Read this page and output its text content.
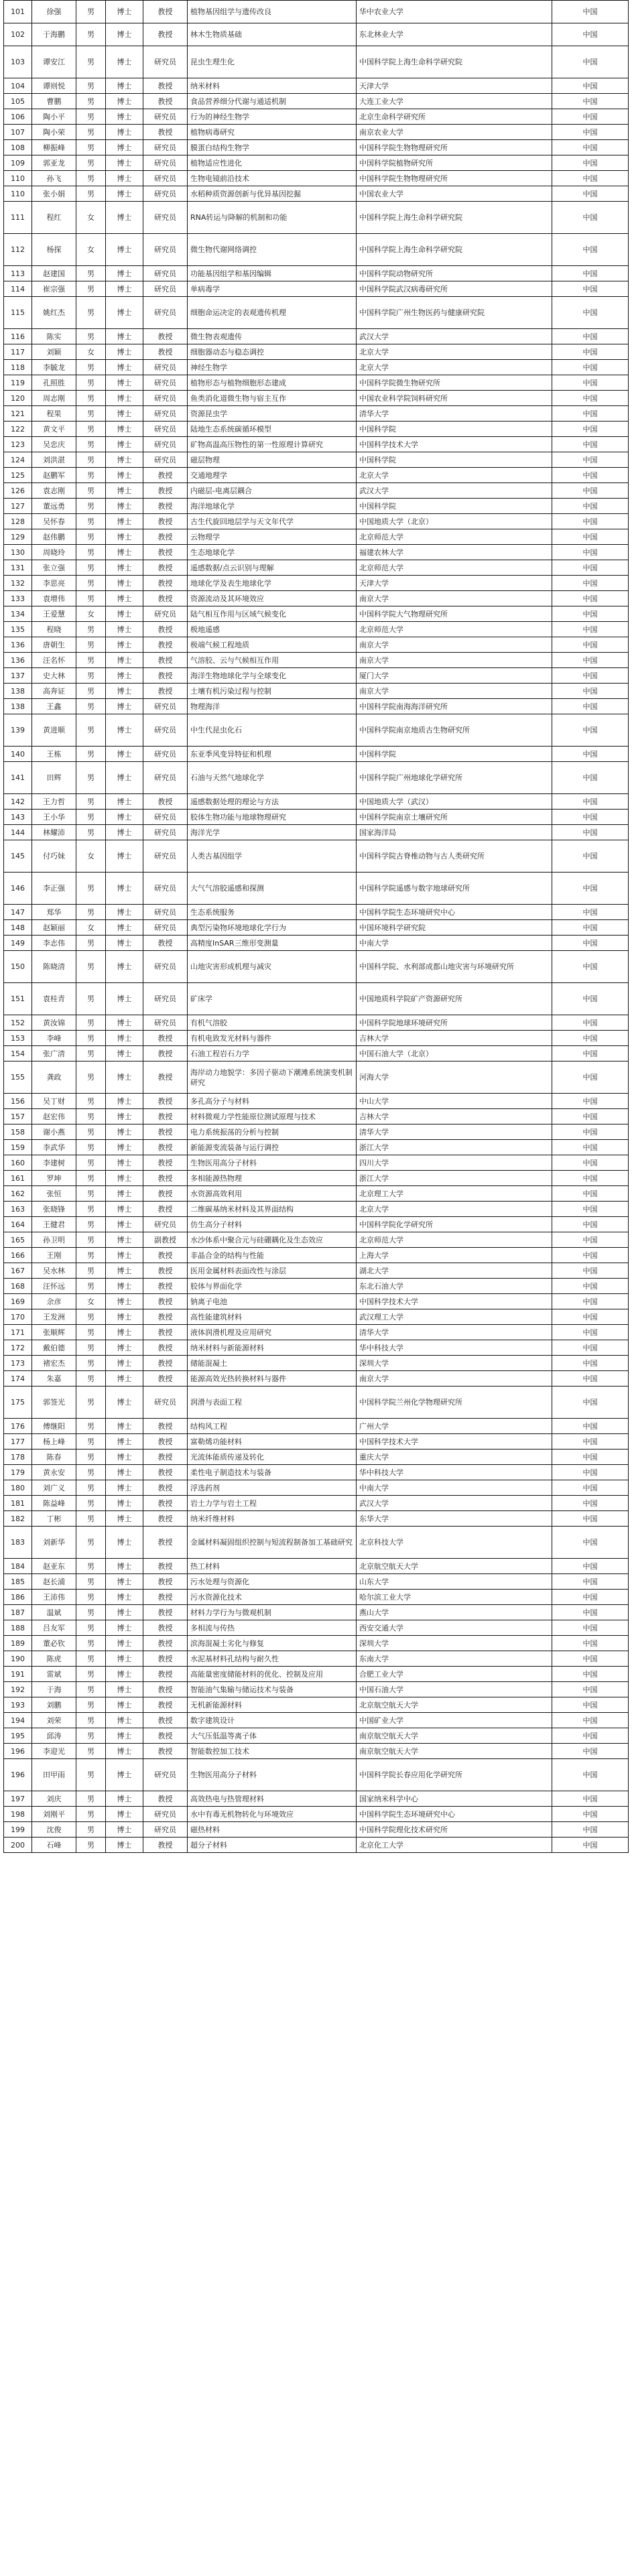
101	徐强	男	博士	教授	植物基因组学与遗传改良	华中农业大学	中国
102	于海鹏	男	博士	教授	林木生物质基础	东北林业大学	中国
103	谭安江	男	博士	研究员	昆虫生理生化	中国科学院上海生命科学研究院	中国
104	谭则悦	男	博士	教授	纳米材料	天津大学	中国
105	曹鹏	男	博士	教授	食品营养细分代谢与通适机制	大连工业大学	中国
106	陶小平	男	博士	研究员	行为的神经生物学	北京生命科学研究所	中国
107	陶小荣	男	博士	教授	植物病毒研究	南京农业大学	中国
108	柳振峰	男	博士	研究员	膜蛋白结构生物学	中国科学院生物物理研究所	中国
109	郭亚龙	男	博士	研究员	植物适应性进化	中国科学院植物研究所	中国
110	孙飞	男	博士	研究员	生物电镜前沿技术	中国科学院生物物理研究所	中国
110	张小娟	男	博士	研究员	水稻种质资源创新与优异基因挖掘	中国农业大学	中国
111	程红	女	博士	研究员	RNA转运与降解的机制和功能	中国科学院上海生命科学研究院	中国
112	杨探	女	博士	研究员	微生物代谢网络调控	中国科学院上海生命科学研究院	中国
113	赵建国	男	博士	研究员	功能基因组学和基因编辑	中国科学院动物研究所	中国
114	崔宗强	男	博士	研究员	单病毒学	中国科学院武汉病毒研究所	中国
115	姚红杰	男	博士	研究员	细胞命运决定的表观遗传机理	中国科学院广州生物医药与健康研究院	中国
116	陈实	男	博士	教授	微生物表观遗传	武汉大学	中国
117	刘颖	女	博士	教授	细胞器动态与稳态调控	北京大学	中国
118	李毓龙	男	博士	研究员	神经生物学	北京大学	中国
119	孔照胜	男	博士	研究员	植物形态与植物细胞形态建成	中国科学院微生物研究所	中国
120	周志刚	男	博士	研究员	鱼类消化道微生物与宿主互作	中国农业科学院饲料研究所	中国
121	程果	男	博士	研究员	资源昆虫学	清华大学	中国
122	黄文平	男	博士	研究员	陆地生态系统碳循环模型	中国科学院	中国
123	吴忠庆	男	博士	研究员	矿物高温高压物性的第一性原理计算研究	中国科学技术大学	中国
124	刘洪湛	男	博士	研究员	磁层物理	中国科学院	中国
125	赵鹏军	男	博士	教授	交通地理学	北京大学	中国
126	袁志刚	男	博士	教授	内磁层-电离层耦合	武汉大学	中国
127	董远勇	男	博士	教授	海洋地球化学	中国科学院	中国
128	吴怀春	男	博士	教授	古生代旋回地层学与天文年代学	中国地质大学（北京）	中国
129	赵伟鹏	男	博士	教授	云物理学	北京师范大学	中国
130	周晓玲	男	博士	教授	生态地球化学	福建农林大学	中国
131	张立强	男	博士	教授	遥感数据/点云识别与理解	北京师范大学	中国
132	李思亮	男	博士	教授	地球化学及表生地球化学	天津大学	中国
133	袁增伟	男	博士	教授	资源流动及其环境效应	南京大学	中国
134	王爱慧	女	博士	研究员	陆气相互作用与区域气候变化	中国科学院大气物理研究所	中国
135	程晓	男	博士	教授	极地遥感	北京师范大学	中国
136	唐朝生	男	博士	教授	极端气候工程地质	南京大学	中国
136	汪名怀	男	博士	教授	气溶胶、云与气候相互作用	南京大学	中国
137	史大林	男	博士	教授	海洋生物地球化学与全球变化	厦门大学	中国
138	高奔证	男	博士	教授	土壤有机污染过程与控制	南京大学	中国
138	王鑫	男	博士	研究员	物理海洋	中国科学院南海海洋研究所	中国
139	黄进顺	男	博士	研究员	中生代昆虫化石	中国科学院南京地质古生物研究所	中国
140	王栋	男	博士	研究员	东亚季风变异特征和机理	中国科学院	中国
141	田辉	男	博士	研究员	石油与天然气地球化学	中国科学院广州地球化学研究所	中国
142	王力哲	男	博士	教授	遥感数据处理的理论与方法	中国地质大学（武汉）	中国
143	王小华	男	博士	研究员	胶体生物功能与地球物理研究	中国科学院南京土壤研究所	中国
144	林耀沛	男	博士	研究员	海洋光学	国家海洋局	中国
145	付巧妹	女	博士	研究员	人类古基因组学	中国科学院古脊椎动物与古人类研究所	中国
146	李正强	男	博士	研究员	大气气溶胶遥感和探测	中国科学院遥感与数字地球研究所	中国
147	郑华	男	博士	研究员	生态系统服务	中国科学院生态环境研究中心	中国
148	赵颖丽	女	博士	研究员	典型污染物环境地球化学行为	中国环境科学研究院	中国
149	李志伟	男	博士	教授	高精度InSAR三维形变测量	中南大学	中国
150	陈晓清	男	博士	研究员	山地灾害形成机理与减灾	中国科学院、水利部成都山地灾害与环境研究所	中国
151	袁桂青	男	博士	研究员	矿床学	中国地质科学院矿产资源研究所	中国
152	黄汝锦	男	博士	研究员	有机气溶胶	中国科学院地球环境研究所	中国
153	李峰	男	博士	教授	有机电致发光材料与器件	吉林大学	中国
154	张广清	男	博士	教授	石油工程岩石力学	中国石油大学（北京）	中国
155	龚政	男	博士	教授	海岸动力地貌学：多因子驱动下潮滩系统演变机制研究	河海大学	中国
156	吴丁财	男	博士	教授	多孔高分子与材料	中山大学	中国
157	赵宏伟	男	博士	教授	材料微观力学性能原位测试原理与技术	吉林大学	中国
158	谢小燕	男	博士	教授	电力系统振荡的分析与控制	清华大学	中国
159	李武华	男	博士	教授	新能源变流装备与运行调控	浙江大学	中国
160	李建树	男	博士	教授	生物医用高分子材料	四川大学	中国
161	罗坤	男	博士	教授	多相能源热物理	浙江大学	中国
162	张恒	男	博士	教授	水资源高效利用	北京理工大学	中国
163	张晓锋	男	博士	教授	二维碳基纳米材料及其界面结构	北京大学	中国
164	王健君	男	博士	研究员	仿生高分子材料	中国科学院化学研究所	中国
165	孙卫明	男	博士	副教授	水沙体系中聚合元与硅硼耦化及生态效应	北京师范大学	中国
166	王刚	男	博士	教授	非晶合金的结构与性能	上海大学	中国
167	吴水林	男	博士	教授	医用金属材料表面改性与涂层	湖北大学	中国
168	汪怀远	男	博士	教授	胶体与界面化学	东北石油大学	中国
169	余彦	女	博士	教授	钠离子电池	中国科学技术大学	中国
170	王发洲	男	博士	教授	高性能建筑材料	武汉理工大学	中国
171	张顺辉	男	博士	教授	液体润滑机理及应用研究	清华大学	中国
172	戴伯德	男	博士	教授	纳米材料与新能源材料	华中科技大学	中国
173	褚宏杰	男	博士	教授	储能混凝土	深圳大学	中国
174	朱嘉	男	博士	教授	能源高效光热转换材料与器件	南京大学	中国
175	郭签光	男	博士	研究员	润滑与表面工程	中国科学院兰州化学物理研究所	中国
176	傅继阳	男	博士	教授	结构风工程	广州大学	中国
177	杨上峰	男	博士	教授	富勒烯功能材料	中国科学技术大学	中国
178	陈春	男	博士	教授	光流体能质传递及转化	重庆大学	中国
179	黄永安	男	博士	教授	柔性电子制造技术与装备	华中科技大学	中国
180	刘广义	男	博士	教授	浮选药剂	中南大学	中国
181	陈益峰	男	博士	教授	岩土力学与岩土工程	武汉大学	中国
182	丁彬	男	博士	教授	纳米纤维材料	东华大学	中国
183	刘新华	男	博士	教授	金属材料凝固组织控制与短流程制备加工基础研究	北京科技大学	中国
184	赵亚东	男	博士	教授	热工材料	北京航空航天大学	中国
185	赵长浦	男	博士	教授	污水处理与资源化	山东大学	中国
186	王沛伟	男	博士	教授	污水资源化技术	哈尔滨工业大学	中国
187	温斌	男	博士	教授	材料力学行为与微观机制	燕山大学	中国
188	吕友军	男	博士	教授	多相流与传热	西安交通大学	中国
189	董必钦	男	博士	教授	滨海混凝土劣化与修复	深圳大学	中国
190	陈虎	男	博士	教授	水泥基材料孔结构与耐久性	东南大学	中国
191	雷斌	男	博士	教授	高能量密度储能材料的优化、控制及应用	合肥工业大学	中国
192	于海	男	博士	教授	智能油气集输与储运技术与装备	中国石油大学	中国
193	刘鹏	男	博士	教授	无机新能源材料	北京航空航天大学	中国
194	刘荣	男	博士	教授	数字建筑设计	中国矿业大学	中国
195	邱涛	男	博士	教授	大气压低温等离子体	南京航空航天大学	中国
196	李迎光	男	博士	教授	智能数控加工技术	南京航空航天大学	中国
196	田甲雨	男	博士	研究员	生物医用高分子材料	中国科学院长春应用化学研究所	中国
197	刘庆	男	博士	教授	高效热电与热管理材料	国家纳米科学中心	中国
198	刘刚平	男	博士	研究员	水中有毒无机物转化与环境效应	中国科学院生态环境研究中心	中国
199	沈俊	男	博士	研究员	磁热材料	中国科学院理化技术研究所	中国
200	石峰	男	博士	教授	超分子材料	北京化工大学	中国
